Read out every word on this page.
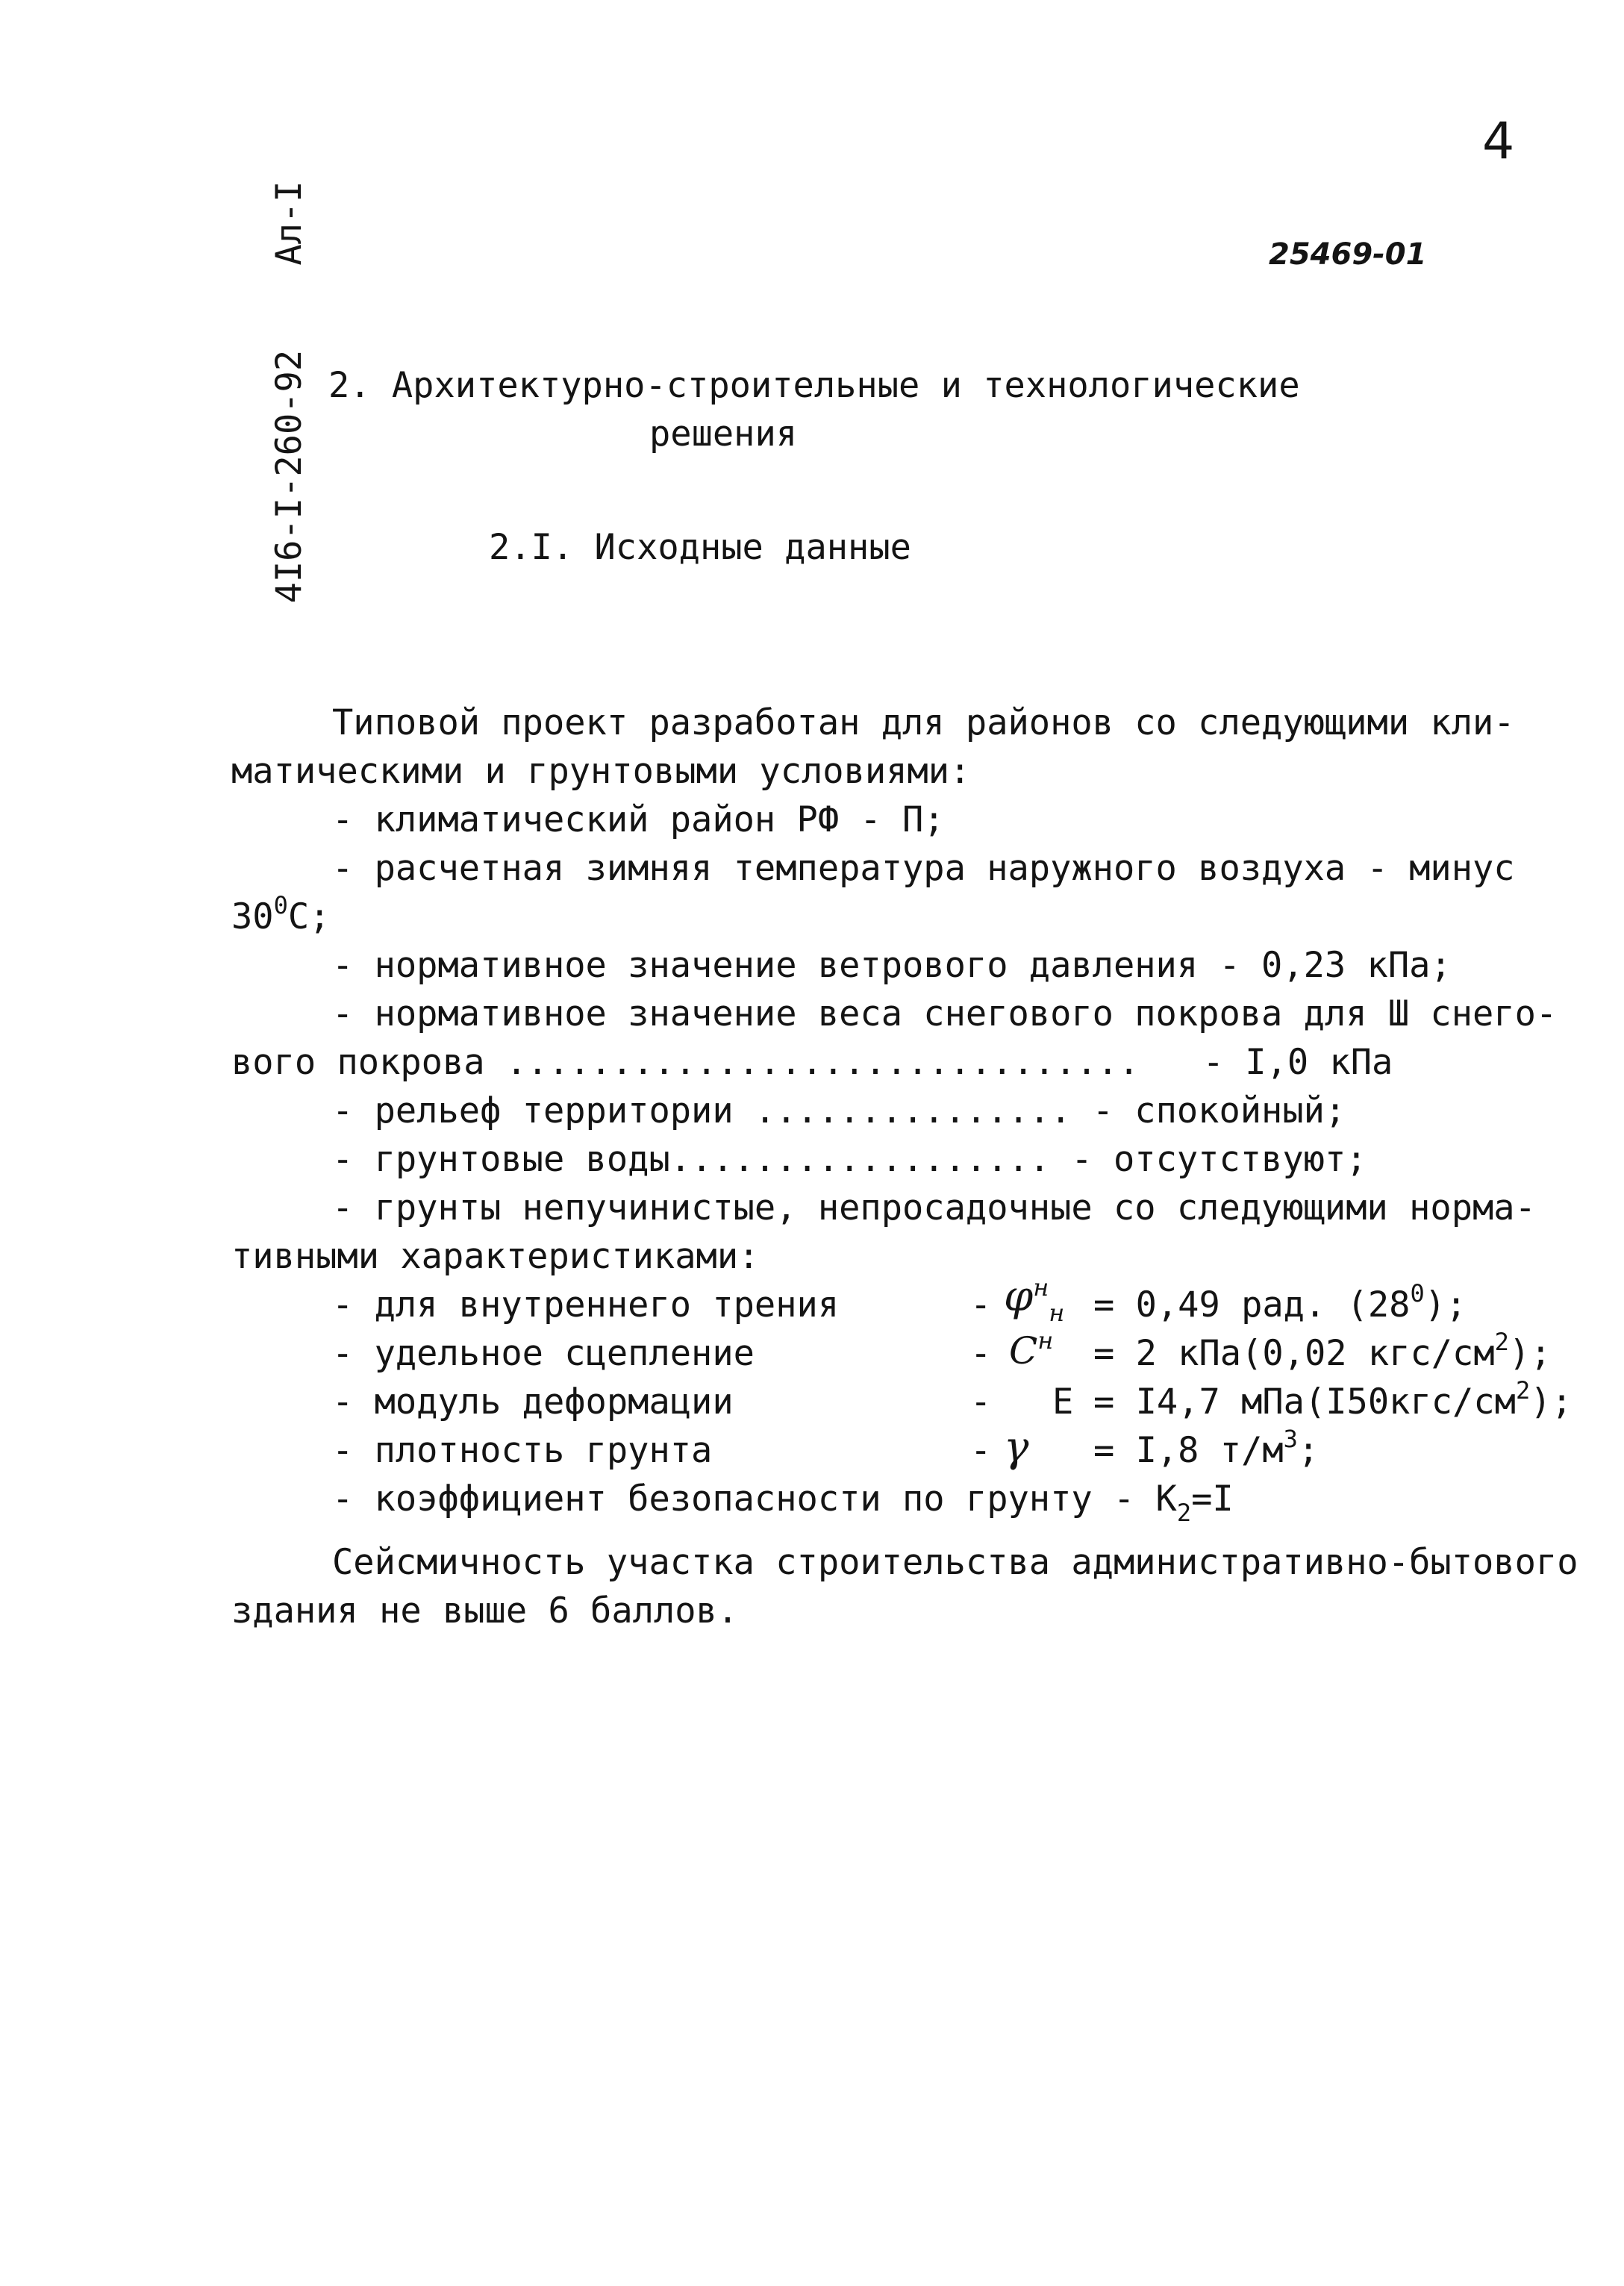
4
25469-01

4I6-I-260-92    Ал-I

2. Архитектурно-строительные и технологические
решения
2.I. Исходные данные
Типовой проект разработан для районов со следующими кли-
матическими и грунтовыми условиями:
- климатический район РФ - П;
- расчетная зимняя температура наружного воздуха - минус
$30^0С$;
- нормативное значение ветрового давления - 0,23 кПа;
- нормативное значение веса снегового покрова для Ш снего-
вого покрова .............................. - I,0 кПа
- рельеф территории ............... - спокойный;
- грунтовые воды.................. - отсутствуют;
- грунты непучинистые, непросадочные со следующими норма-
тивными характеристиками:
- для внутреннего трения	- $\varphi^н_н = 0,49$ рад. $(28^0)$;
- удельное сцепление	- $C^н = 2$ кПа(0,02 кгс/$см^2$);
- модуль деформации	- E = I4,7 $мПа(I50кгс/см^2)$;
- плотность грунта	- γ = I,8 $т/м^3$;
- коэффициент безопасности по грунту - $К_2=I$
Сейсмичность участка строительства административно-бытового
здания не выше 6 баллов.
